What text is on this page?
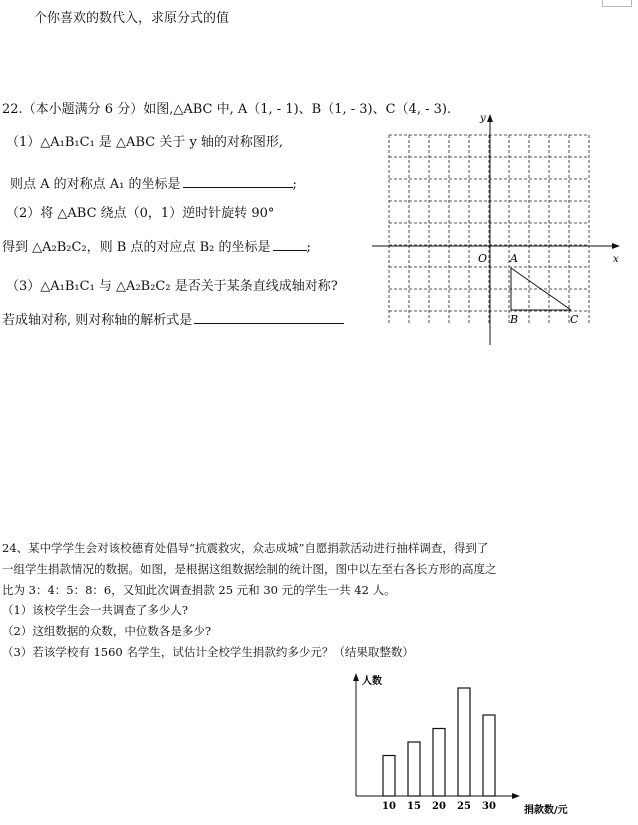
个你喜欢的数代入，求原分式的值
22.（本小题满分 6 分）如图,△ABC 中, A（1, - 1)、B（1, - 3)、C（4, - 3).
（1）△A₁B₁C₁ 是 △ABC 关于 y 轴的对称图形,
则点 A 的对称点 A₁ 的坐标是	;
（2）将 △ABC 绕点（0，1）逆时针旋转 90°
得到 △A₂B₂C₂，则 B 点的对应点 B₂ 的坐标是	;
（3）△A₁B₁C₁ 与 △A₂B₂C₂ 是否关于某条直线成轴对称?
若成轴对称, 则对称轴的解析式是
x
y
O A
B	C
24、某中学学生会对该校德育处倡导“抗震救灾，众志成城”自愿捐款活动进行抽样调查，得到了
一组学生捐款情况的数据。如图，是根据这组数据绘制的统计图，图中以左至右各长方形的高度之
比为 3：4：5：8：6，又知此次调查捐款 25 元和 30 元的学生一共 42 人。
（1）该校学生会一共调查了多少人?
（2）这组数据的众数，中位数各是多少?
（3）若该学校有 1560 名学生，试估计全校学生捐款约多少元？（结果取整数）
人数
捐款数/元
10 15 20 25 30
